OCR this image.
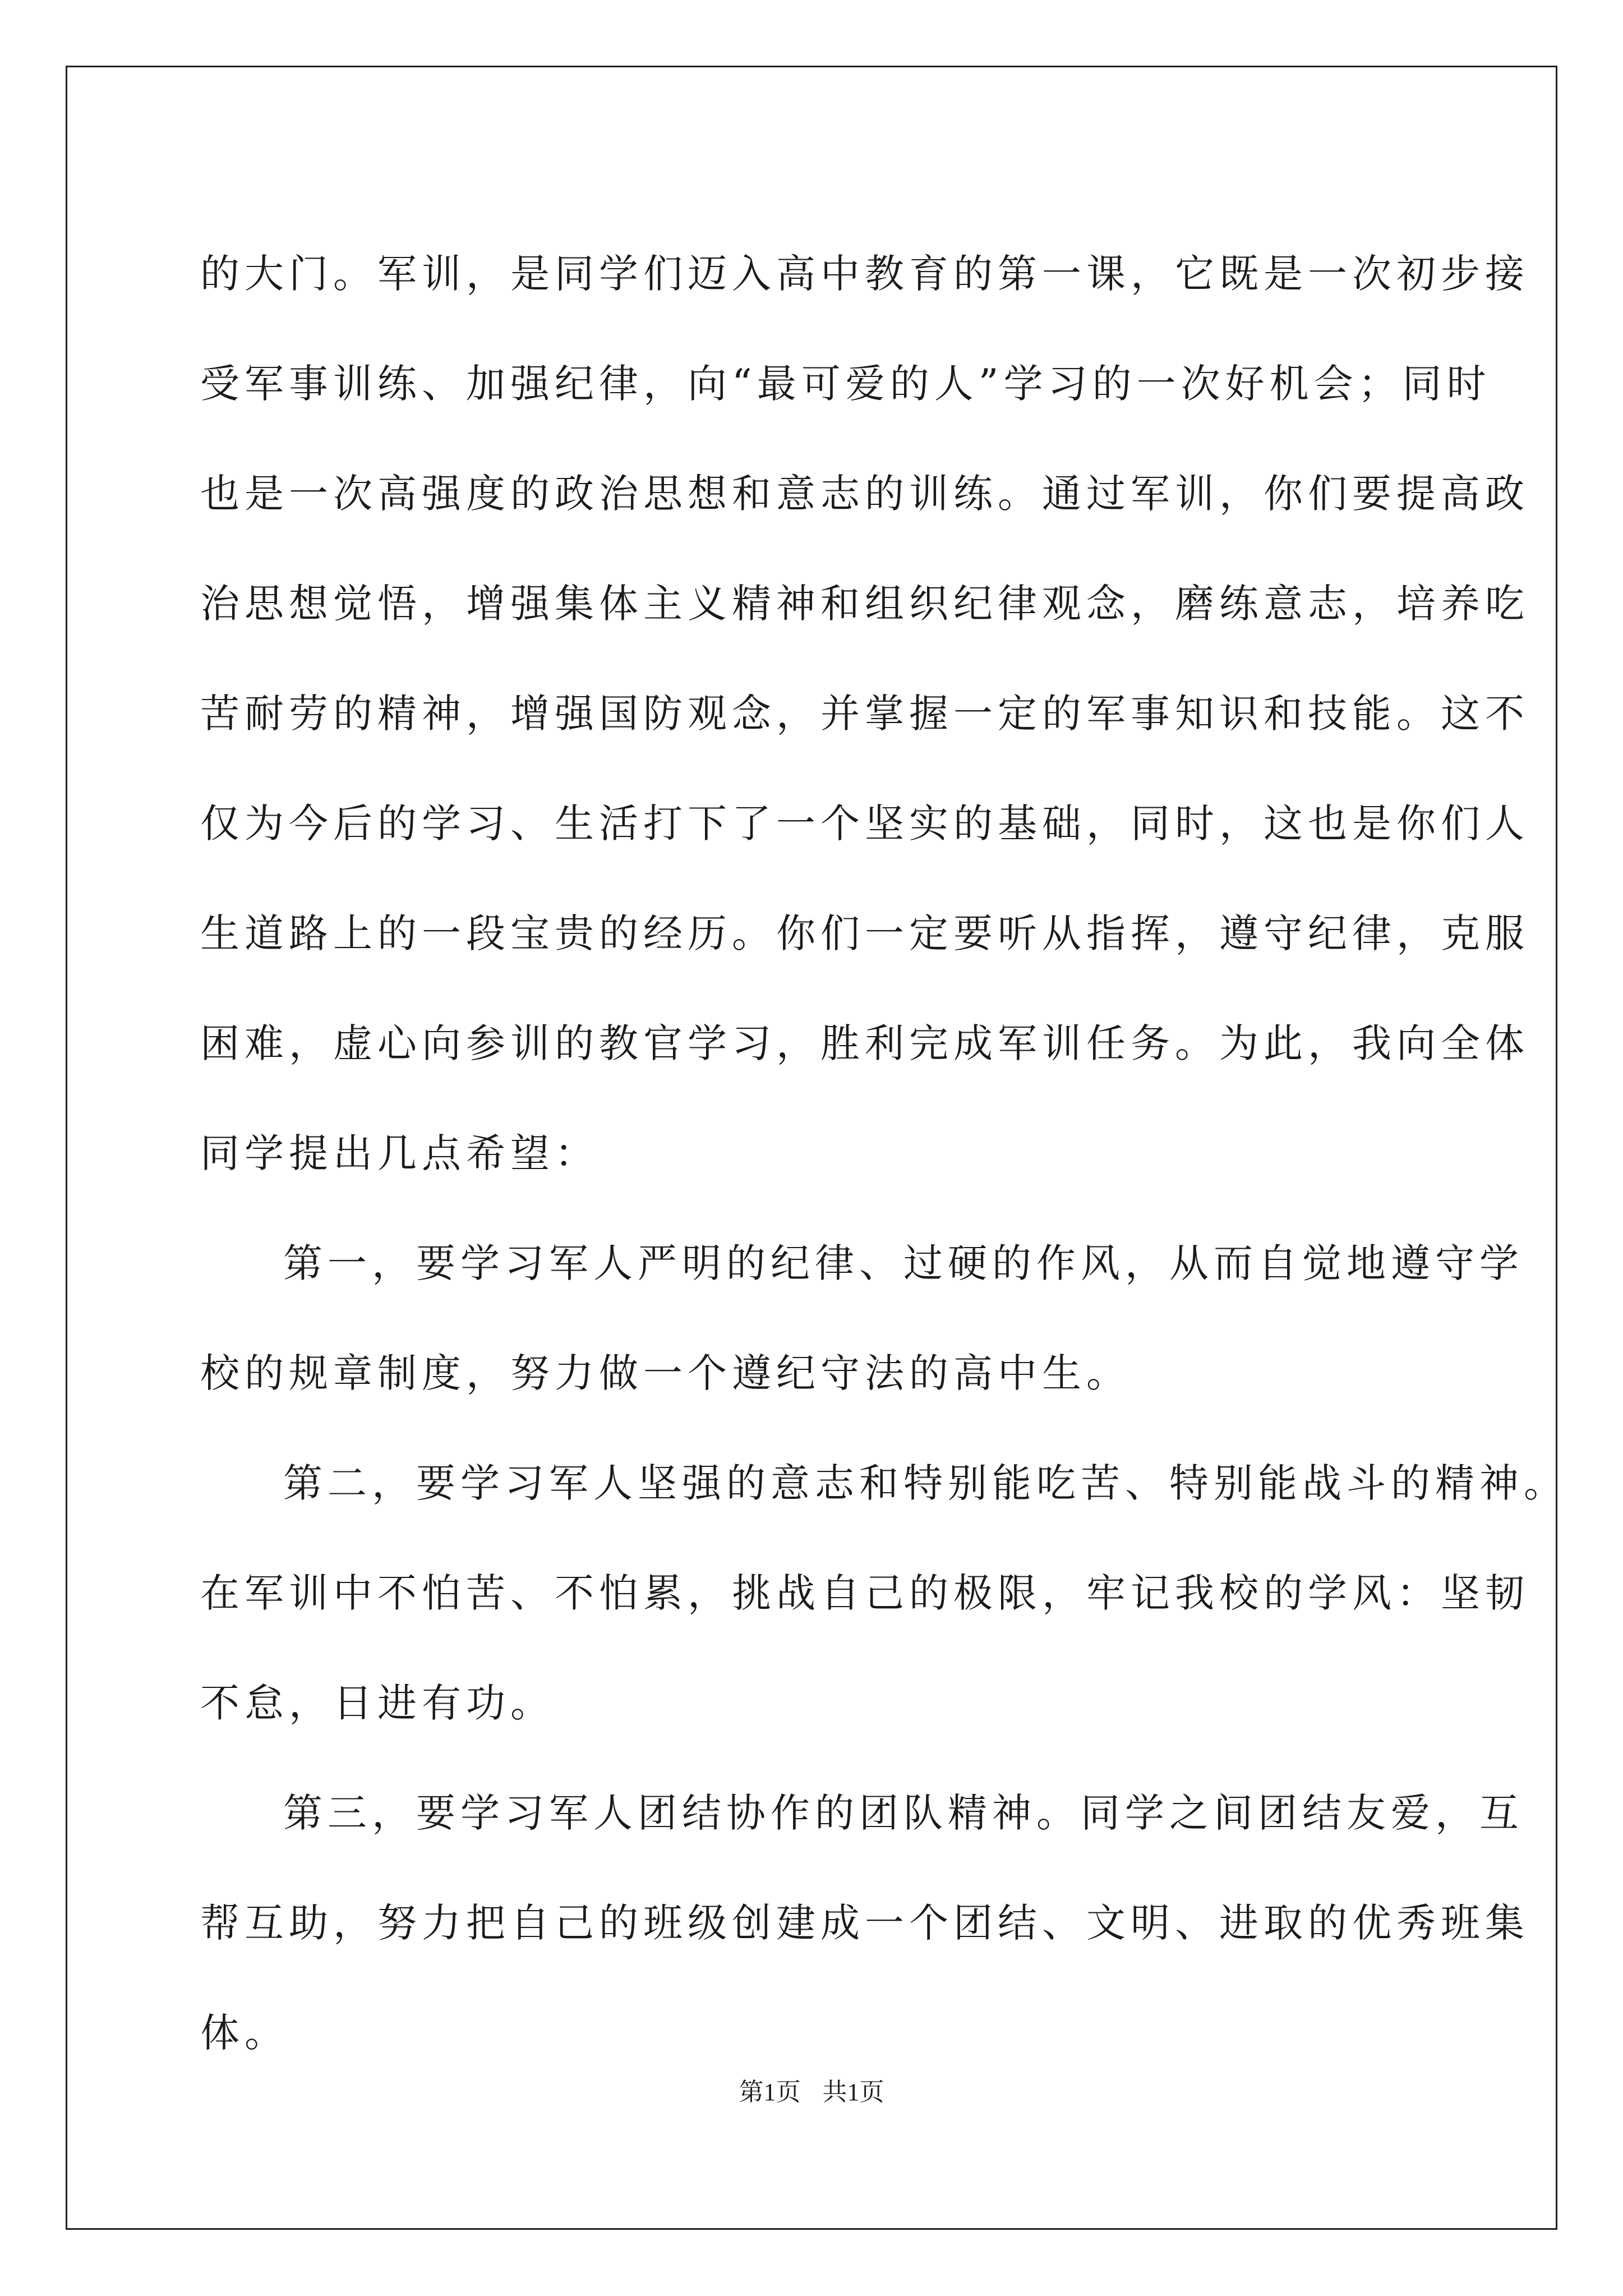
的大门。军训，是同学们迈入高中教育的第一课，它既是一次初步接
受军事训练、加强纪律，向“最可爱的人”学习的一次好机会；同时
也是一次高强度的政治思想和意志的训练。通过军训，你们要提高政
治思想觉悟，增强集体主义精神和组织纪律观念，磨练意志，培养吃
苦耐劳的精神，增强国防观念，并掌握一定的军事知识和技能。这不
仅为今后的学习、生活打下了一个坚实的基础，同时，这也是你们人
生道路上的一段宝贵的经历。你们一定要听从指挥，遵守纪律，克服
困难，虚心向参训的教官学习，胜利完成军训任务。为此，我向全体
同学提出几点希望：
第一，要学习军人严明的纪律、过硬的作风，从而自觉地遵守学
校的规章制度，努力做一个遵纪守法的高中生。
第二，要学习军人坚强的意志和特别能吃苦、特别能战斗的精神。
在军训中不怕苦、不怕累，挑战自己的极限，牢记我校的学风：坚韧
不怠，日进有功。
第三，要学习军人团结协作的团队精神。同学之间团结友爱，互
帮互助，努力把自己的班级创建成一个团结、文明、进取的优秀班集
体。
第1页 共1页
